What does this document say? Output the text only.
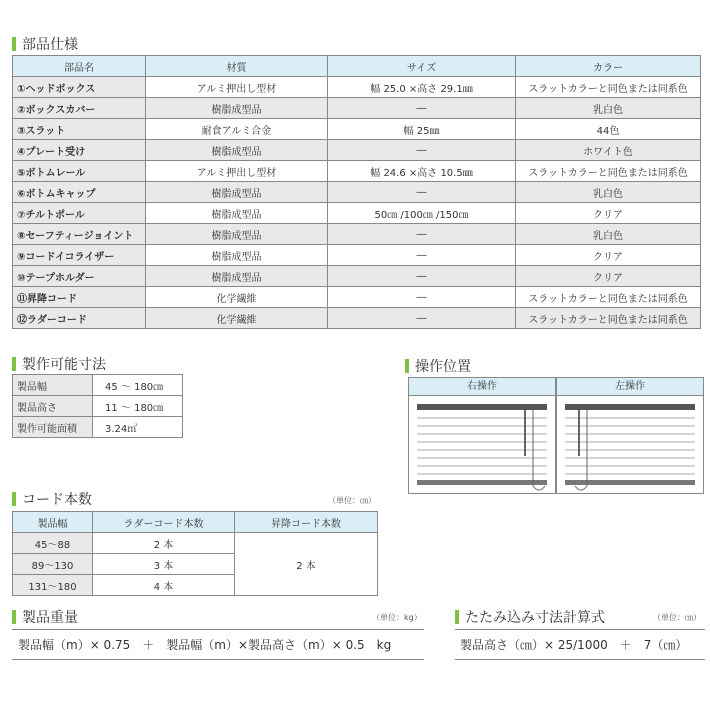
部品仕様
部品名	材質	サイズ	カラー
①ヘッドボックス	アルミ押出し型材	幅 25.0 ×高さ 29.1㎜	スラットカラーと同色または同系色
②ボックスカバー	樹脂成型品	―	乳白色
③スラット	耐食アルミ合金	幅 25㎜	44色
④プレート受け	樹脂成型品	―	ホワイト色
⑤ボトムレール	アルミ押出し型材	幅 24.6 ×高さ 10.5㎜	スラットカラーと同色または同系色
⑥ボトムキャップ	樹脂成型品	―	乳白色
⑦チルトポール	樹脂成型品	50㎝ /100㎝ /150㎝	クリア
⑧セーフティージョイント	樹脂成型品	―	乳白色
⑨コードイコライザー	樹脂成型品	―	クリア
⑩テープホルダー	樹脂成型品	―	クリア
⑪昇降コード	化学繊維	―	スラットカラーと同色または同系色
⑫ラダーコード	化学繊維	―	スラットカラーと同色または同系色
製作可能寸法
製品幅	45 ～ 180㎝
製品高さ	11 ～ 180㎝
製作可能面積	3.24㎡
操作位置
右操作	左操作
コード本数	（単位：㎝）
製品幅	ラダーコード本数	昇降コード本数
45～88	2 本	2 本
89～130	3 本	
131～180	4 本	
製品重量	（単位：kg）
製品幅（m）× 0.75　＋　製品幅（m）×製品高さ（m）× 0.5　kg
たたみ込み寸法計算式	（単位：㎝）
製品高さ（㎝）× 25/1000　＋　7（㎝）
